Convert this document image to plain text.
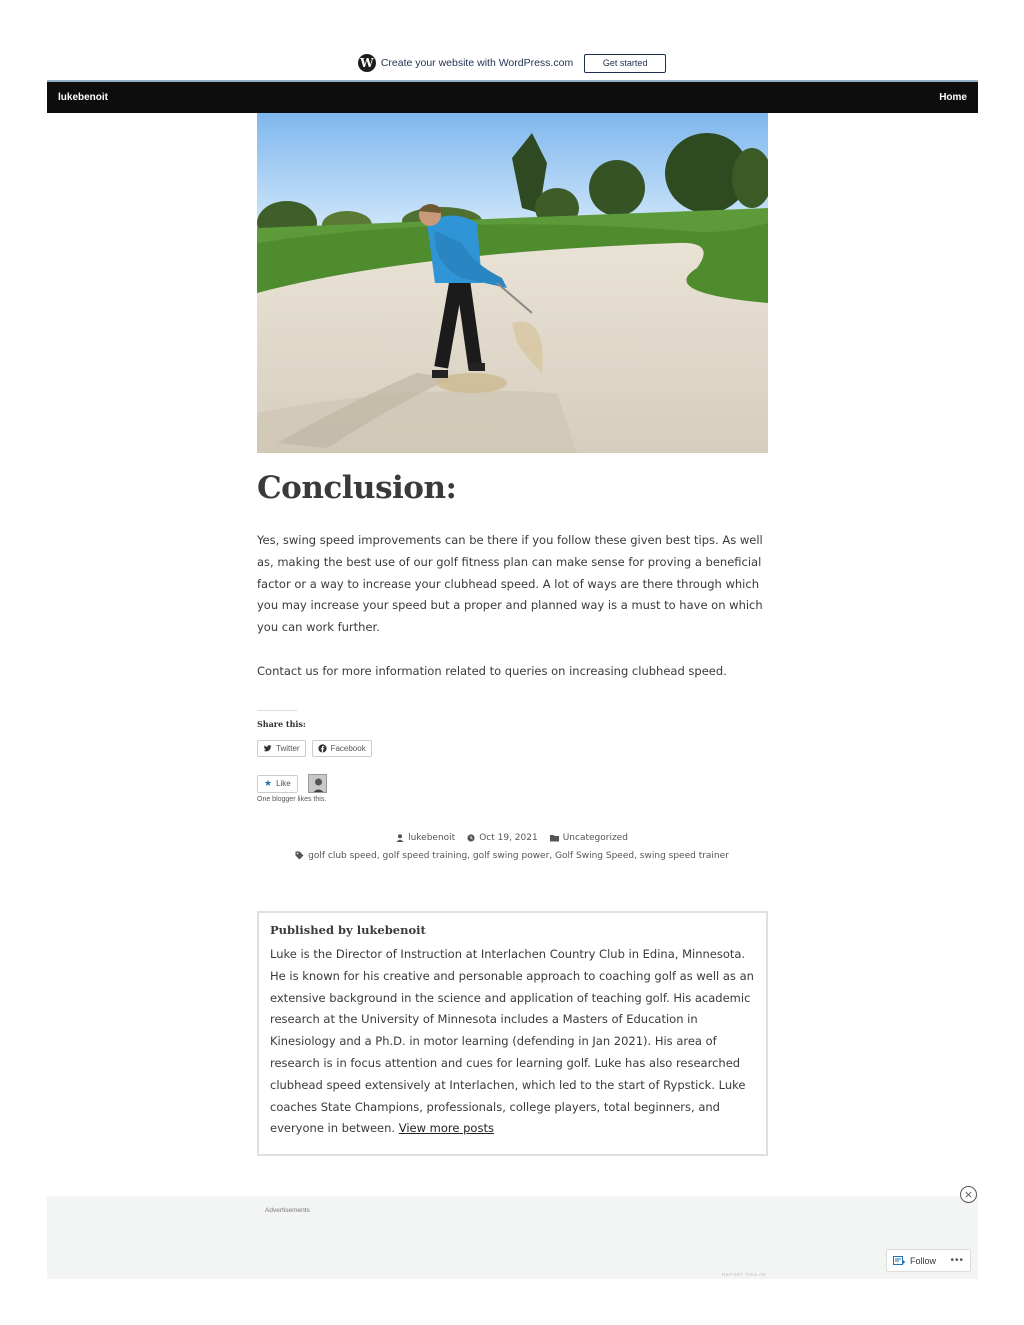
W Create your website with WordPress.com	Get started
lukebenoit	Home
Conclusion:

Yes, swing speed improvements can be there if you follow these given best tips. As well as, making the best use of our golf fitness plan can make sense for proving a beneficial factor or a way to increase your clubhead speed. A lot of ways are there through which you may increase your speed but a proper and planned way is a must to have on which you can work further.

Contact us for more information related to queries on increasing clubhead speed.

Share this:
Twitter	Facebook
★ Like
One blogger likes this.
lukebenoit	Oct 19, 2021	Uncategorized
golf club speed, golf speed training, golf swing power, Golf Swing Speed, swing speed trainer
Published by lukebenoit

Luke is the Director of Instruction at Interlachen Country Club in Edina, Minnesota. He is known for his creative and personable approach to coaching golf as well as an extensive background in the science and application of teaching golf. His academic research at the University of Minnesota includes a Masters of Education in Kinesiology and a Ph.D. in motor learning (defending in Jan 2021). His area of research is in focus attention and cues for learning golf. Luke has also researched clubhead speed extensively at Interlachen, which led to the start of Rypstick. Luke coaches State Champions, professionals, college players, total beginners, and everyone in between. View more posts

Advertisements
REPORT THIS AD
×
Follow •••
